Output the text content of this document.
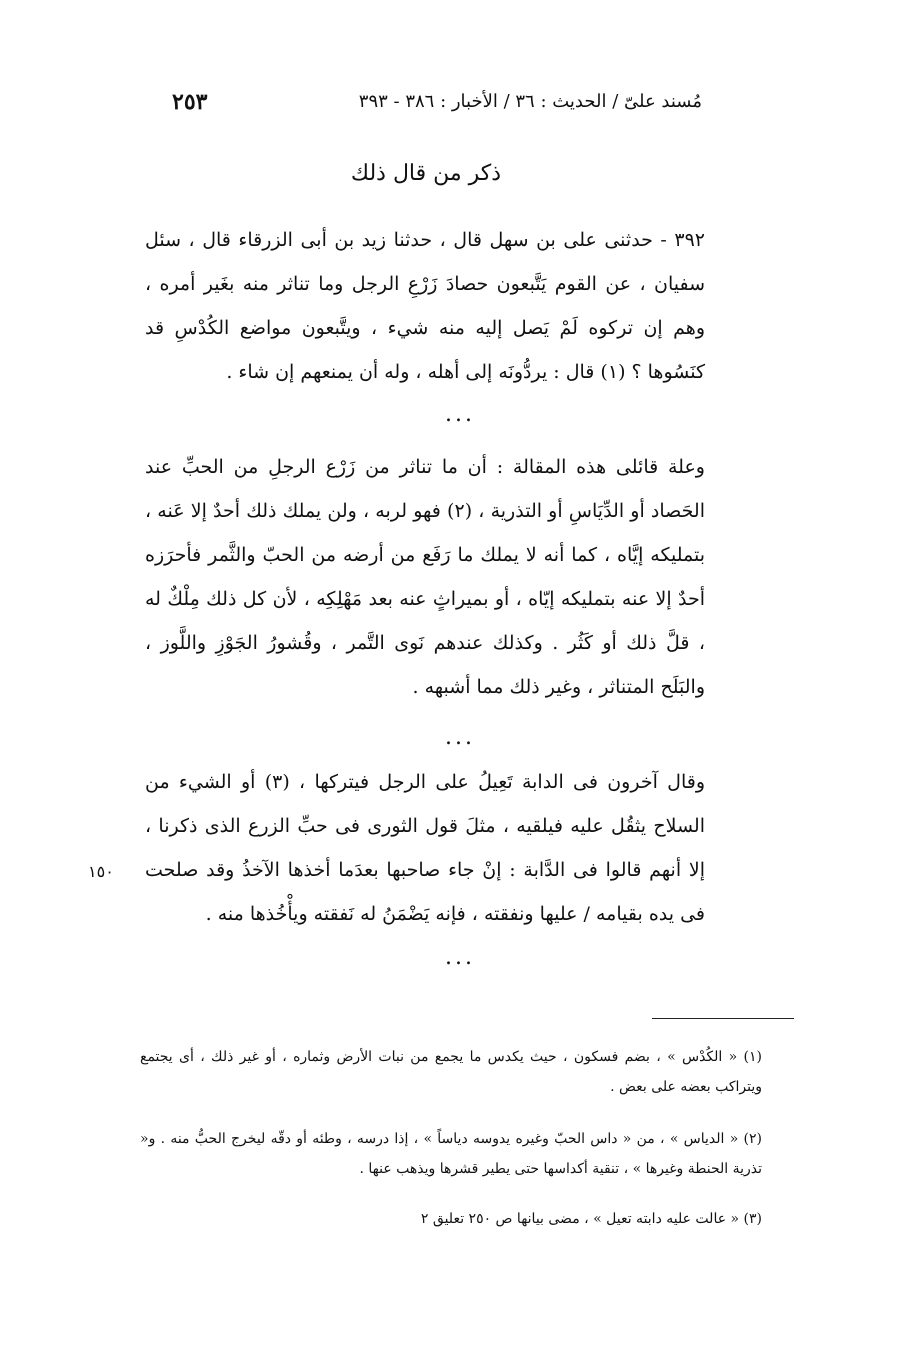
مُسند علىّ / الحديث : ٣٦ / الأخبار : ٣٨٦ - ٣٩٣
٢٥٣
ذكر من قال ذلك
٣٩٢ - حدثنى على بن سهل قال ، حدثنا زيد بن أبى الزرقاء قال ، سئل سفيان ، عن القوم يَتَّبعون حصادَ زَرْعِ الرجل وما تناثر منه بغَير أمره ، وهم إن تركوه لَمْ يَصل إليه منه شيء ، ويتَّبعون مواضع الكُدْسِ قد كنَسُوها ؟ (١) قال : يردُّونَه إلى أهله ، وله أن يمنعهم إن شاء .
...
وعلة قائلى هذه المقالة : أن ما تناثر من زَرْع الرجلِ من الحبِّ عند الحَصاد أو الدِّيَاسِ أو التذرية ، (٢) فهو لربه ، ولن يملك ذلك أحدٌ إلا عَنه ، بتمليكه إيَّاه ، كما أنه لا يملك ما رَفَع من أرضه من الحبّ والثَّمر فأحرَزه أحدٌ إلا عنه بتمليكه إيّاه ، أو بميراثٍ عنه بعد مَهْلِكِه ، لأن كل ذلك مِلْكٌ له ، قلَّ ذلك أو كَثُر . وكذلك عندهم نَوى التَّمر ، وقُشورُ الجَوْزِ واللَّوز ، والبَلَح المتناثر ، وغير ذلك مما أشبهه .
...
وقال آخرون فى الدابة تَعِيلُ على الرجل فيتركها ، (٣) أو الشيء من السلاح يثقُل عليه فيلقيه ، مثلَ قول الثورى فى حبِّ الزرع الذى ذكرنا ، إلا أنهم قالوا فى الدَّابة : إنْ جاء صاحبها بعدَما أخذها الآخذُ وقد صلحت فى يده بقيامه / عليها ونفقته ، فإنه يَضْمَنُ له نَفقته ويأْخُذها منه .
١٥٠
...
(١) « الكُدْس » ، بضم فسكون ، حيث يكدس ما يجمع من نبات الأرض وثماره ، أو غير ذلك ، أى يجتمع ويتراكب بعضه على بعض .
(٢) « الدياس » ، من « داس الحبّ وغيره يدوسه دياساً » ، إذا درسه ، وطئه أو دقّه ليخرج الحبُّ منه . و« تذرية الحنطة وغيرها » ، تنقية أكداسها حتى يطير قشرها ويذهب عنها .
(٣) « عالت عليه دابته تعيل » ، مضى بيانها ص ٢٥٠ تعليق ٢
